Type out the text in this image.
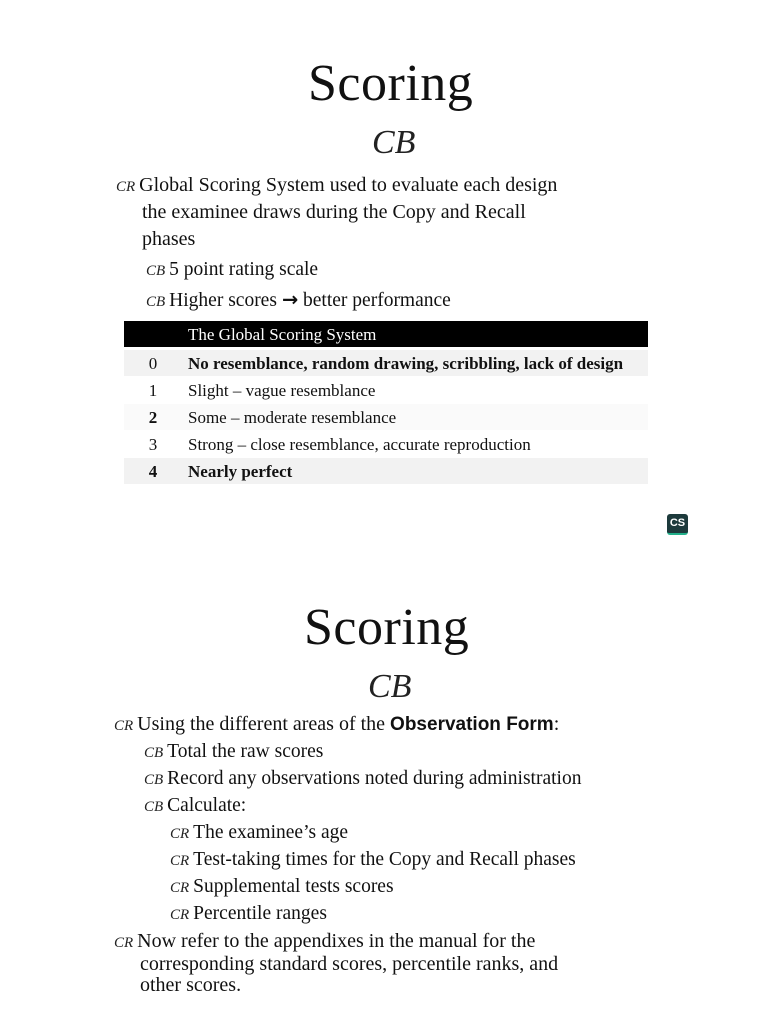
Scoring
CB
CR Global Scoring System used to evaluate each design
the examinee draws during the Copy and Recall
phases
CB 5 point rating scale
CB Higher scores → better performance
The Global Scoring System
0 No resemblance, random drawing, scribbling, lack of design
1 Slight – vague resemblance
2 Some – moderate resemblance
3 Strong – close resemblance, accurate reproduction
4 Nearly perfect
CS
Scoring
CB
CR Using the different areas of the Observation Form:
CB Total the raw scores
CB Record any observations noted during administration
CB Calculate:
CR The examinee’s age
CR Test-taking times for the Copy and Recall phases
CR Supplemental tests scores
CR Percentile ranges
CR Now refer to the appendixes in the manual for the
corresponding standard scores, percentile ranks, and
other scores.
